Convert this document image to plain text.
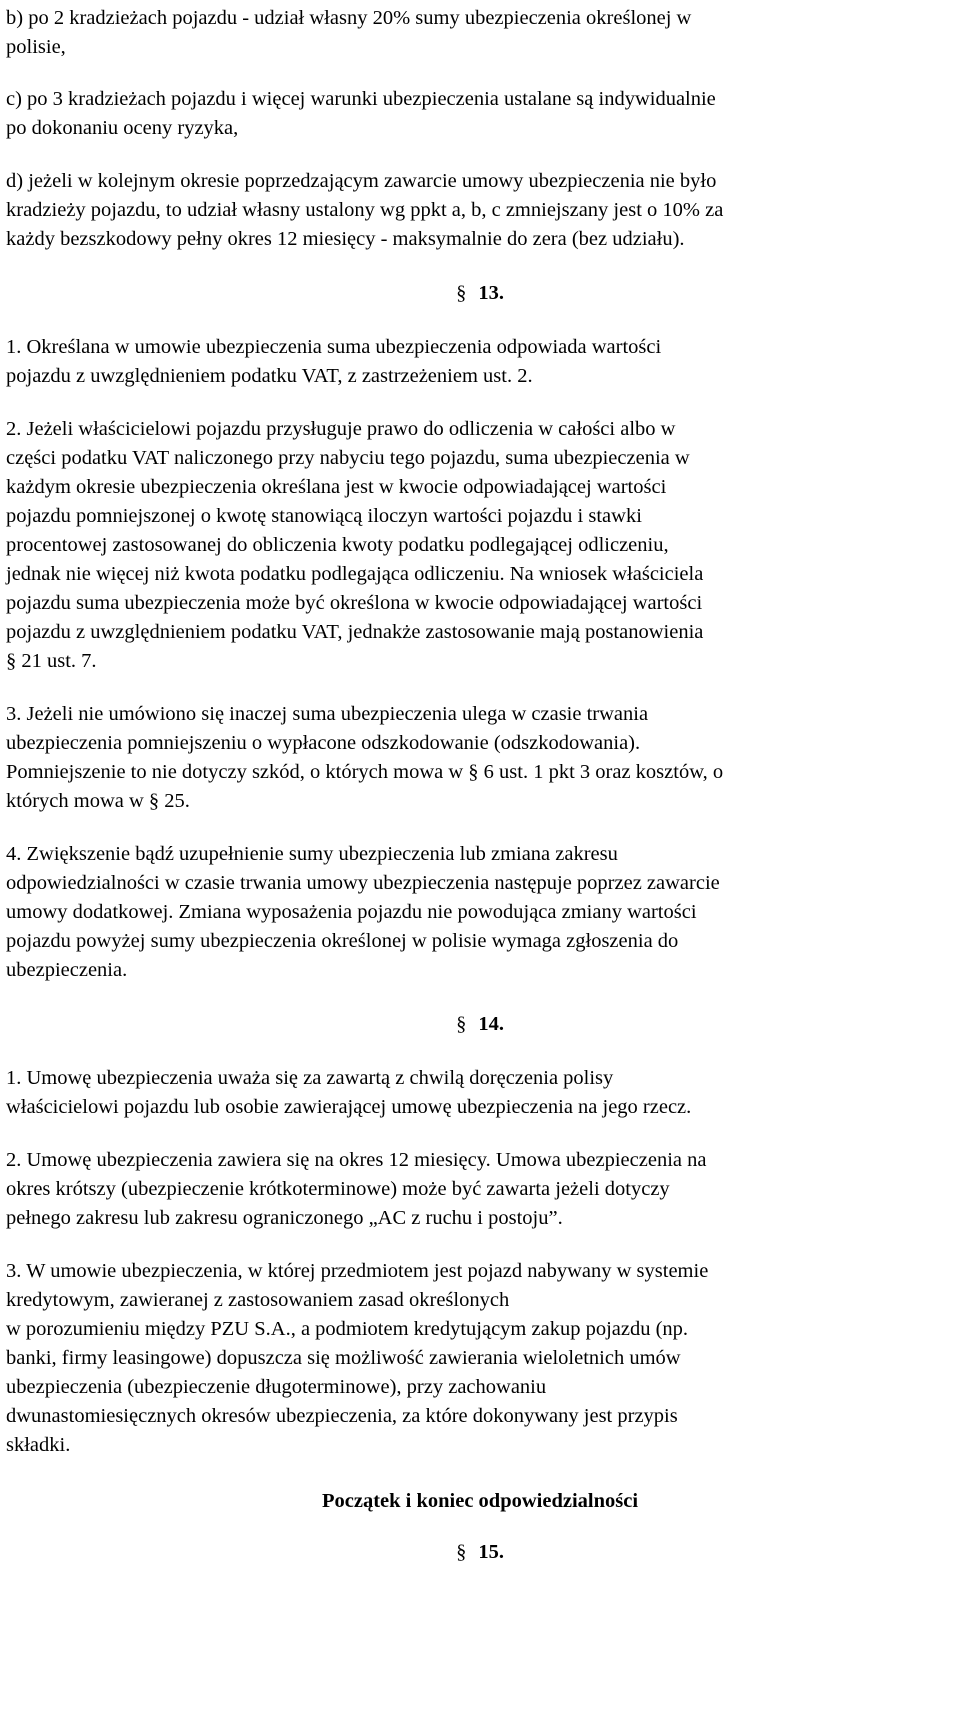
b) po 2 kradzieżach pojazdu - udział własny 20% sumy ubezpieczenia określonej w
polisie,
c) po 3 kradzieżach pojazdu i więcej warunki ubezpieczenia ustalane są indywidualnie
po dokonaniu oceny ryzyka,
d) jeżeli w kolejnym okresie poprzedzającym zawarcie umowy ubezpieczenia nie było
kradzieży pojazdu, to udział własny ustalony wg ppkt a, b, c zmniejszany jest o 10% za
każdy bezszkodowy pełny okres 12 miesięcy - maksymalnie do zera (bez udziału).
§ 13.
1. Określana w umowie ubezpieczenia suma ubezpieczenia odpowiada wartości
pojazdu z uwzględnieniem podatku VAT, z zastrzeżeniem ust. 2.
2. Jeżeli właścicielowi pojazdu przysługuje prawo do odliczenia w całości albo w
części podatku VAT naliczonego przy nabyciu tego pojazdu, suma ubezpieczenia w
każdym okresie ubezpieczenia określana jest w kwocie odpowiadającej wartości
pojazdu pomniejszonej o kwotę stanowiącą iloczyn wartości pojazdu i stawki
procentowej zastosowanej do obliczenia kwoty podatku podlegającej odliczeniu,
jednak nie więcej niż kwota podatku podlegająca odliczeniu. Na wniosek właściciela
pojazdu suma ubezpieczenia może być określona w kwocie odpowiadającej wartości
pojazdu z uwzględnieniem podatku VAT, jednakże zastosowanie mają postanowienia
§ 21 ust. 7.
3. Jeżeli nie umówiono się inaczej suma ubezpieczenia ulega w czasie trwania
ubezpieczenia pomniejszeniu o wypłacone odszkodowanie (odszkodowania).
Pomniejszenie to nie dotyczy szkód, o których mowa w § 6 ust. 1 pkt 3 oraz kosztów, o
których mowa w § 25.
4. Zwiększenie bądź uzupełnienie sumy ubezpieczenia lub zmiana zakresu
odpowiedzialności w czasie trwania umowy ubezpieczenia następuje poprzez zawarcie
umowy dodatkowej. Zmiana wyposażenia pojazdu nie powodująca zmiany wartości
pojazdu powyżej sumy ubezpieczenia określonej w polisie wymaga zgłoszenia do
ubezpieczenia.
§ 14.
1. Umowę ubezpieczenia uważa się za zawartą z chwilą doręczenia polisy
właścicielowi pojazdu lub osobie zawierającej umowę ubezpieczenia na jego rzecz.
2. Umowę ubezpieczenia zawiera się na okres 12 miesięcy. Umowa ubezpieczenia na
okres krótszy (ubezpieczenie krótkoterminowe) może być zawarta jeżeli dotyczy
pełnego zakresu lub zakresu ograniczonego „AC z ruchu i postoju”.
3. W umowie ubezpieczenia, w której przedmiotem jest pojazd nabywany w systemie
kredytowym, zawieranej z zastosowaniem zasad określonych
w porozumieniu między PZU S.A., a podmiotem kredytującym zakup pojazdu (np.
banki, firmy leasingowe) dopuszcza się możliwość zawierania wieloletnich umów
ubezpieczenia (ubezpieczenie długoterminowe), przy zachowaniu
dwunastomiesięcznych okresów ubezpieczenia, za które dokonywany jest przypis
składki.
Początek i koniec odpowiedzialności
§ 15.
